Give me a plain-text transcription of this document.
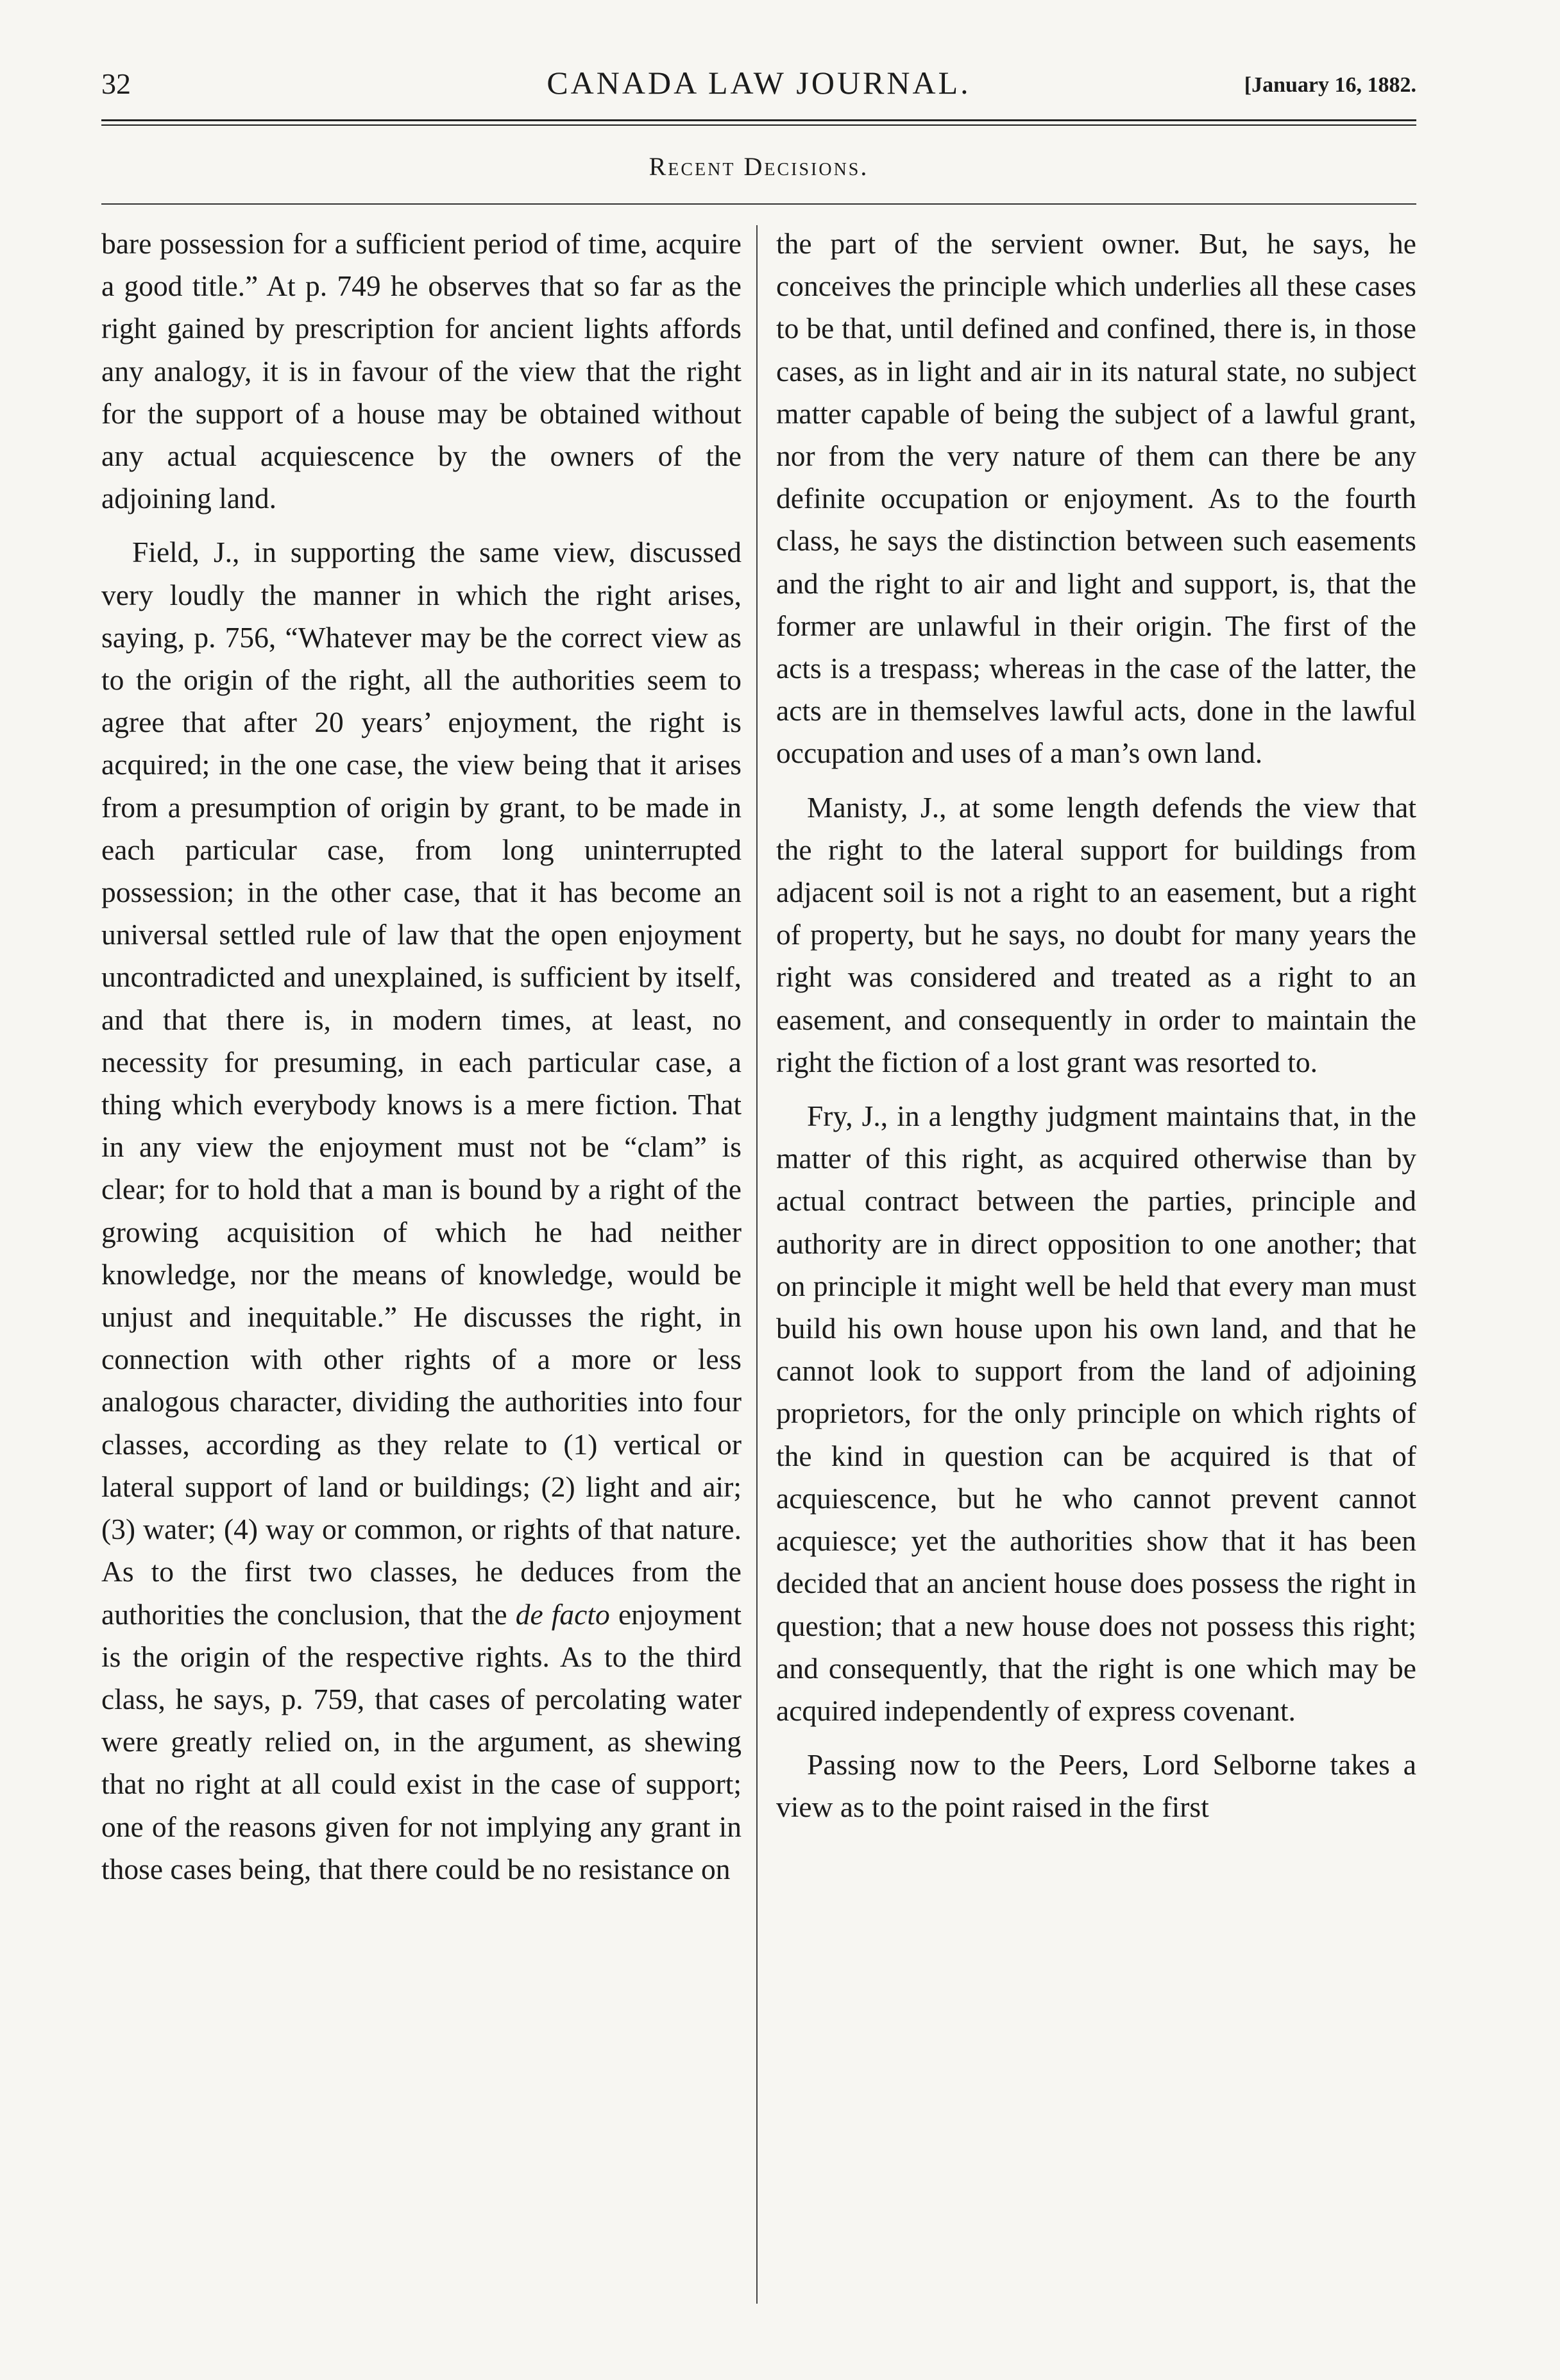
32	CANADA LAW JOURNAL.	[January 16, 1882.
Recent Decisions.

bare possession for a sufficient period of time, acquire a good title.” At p. 749 he observes that so far as the right gained by prescription for ancient lights affords any analogy, it is in favour of the view that the right for the support of a house may be obtained without any actual acquiescence by the owners of the adjoining land.

Field, J., in supporting the same view, discussed very loudly the manner in which the right arises, saying, p. 756, “Whatever may be the correct view as to the origin of the right, all the authorities seem to agree that after 20 years’ enjoyment, the right is acquired; in the one case, the view being that it arises from a presumption of origin by grant, to be made in each particular case, from long uninterrupted possession; in the other case, that it has become an universal settled rule of law that the open enjoyment uncontradicted and unexplained, is sufficient by itself, and that there is, in modern times, at least, no necessity for presuming, in each particular case, a thing which everybody knows is a mere fiction. That in any view the enjoyment must not be “clam” is clear; for to hold that a man is bound by a right of the growing acquisition of which he had neither knowledge, nor the means of knowledge, would be unjust and inequitable.” He discusses the right, in connection with other rights of a more or less analogous character, dividing the authorities into four classes, according as they relate to (1) vertical or lateral support of land or buildings; (2) light and air; (3) water; (4) way or common, or rights of that nature. As to the first two classes, he deduces from the authorities the conclusion, that the de facto enjoyment is the origin of the respective rights. As to the third class, he says, p. 759, that cases of percolating water were greatly relied on, in the argument, as shewing that no right at all could exist in the case of support; one of the reasons given for not implying any grant in those cases being, that there could be no resistance on

the part of the servient owner. But, he says, he conceives the principle which underlies all these cases to be that, until defined and confined, there is, in those cases, as in light and air in its natural state, no subject matter capable of being the subject of a lawful grant, nor from the very nature of them can there be any definite occupation or enjoyment. As to the fourth class, he says the distinction between such easements and the right to air and light and support, is, that the former are unlawful in their origin. The first of the acts is a trespass; whereas in the case of the latter, the acts are in themselves lawful acts, done in the lawful occupation and uses of a man’s own land.

Manisty, J., at some length defends the view that the right to the lateral support for buildings from adjacent soil is not a right to an easement, but a right of property, but he says, no doubt for many years the right was considered and treated as a right to an easement, and consequently in order to maintain the right the fiction of a lost grant was resorted to.

Fry, J., in a lengthy judgment maintains that, in the matter of this right, as acquired otherwise than by actual contract between the parties, principle and authority are in direct opposition to one another; that on principle it might well be held that every man must build his own house upon his own land, and that he cannot look to support from the land of adjoining proprietors, for the only principle on which rights of the kind in question can be acquired is that of acquiescence, but he who cannot prevent cannot acquiesce; yet the authorities show that it has been decided that an ancient house does possess the right in question; that a new house does not possess this right; and consequently, that the right is one which may be acquired independently of express covenant.

Passing now to the Peers, Lord Selborne takes a view as to the point raised in the first
